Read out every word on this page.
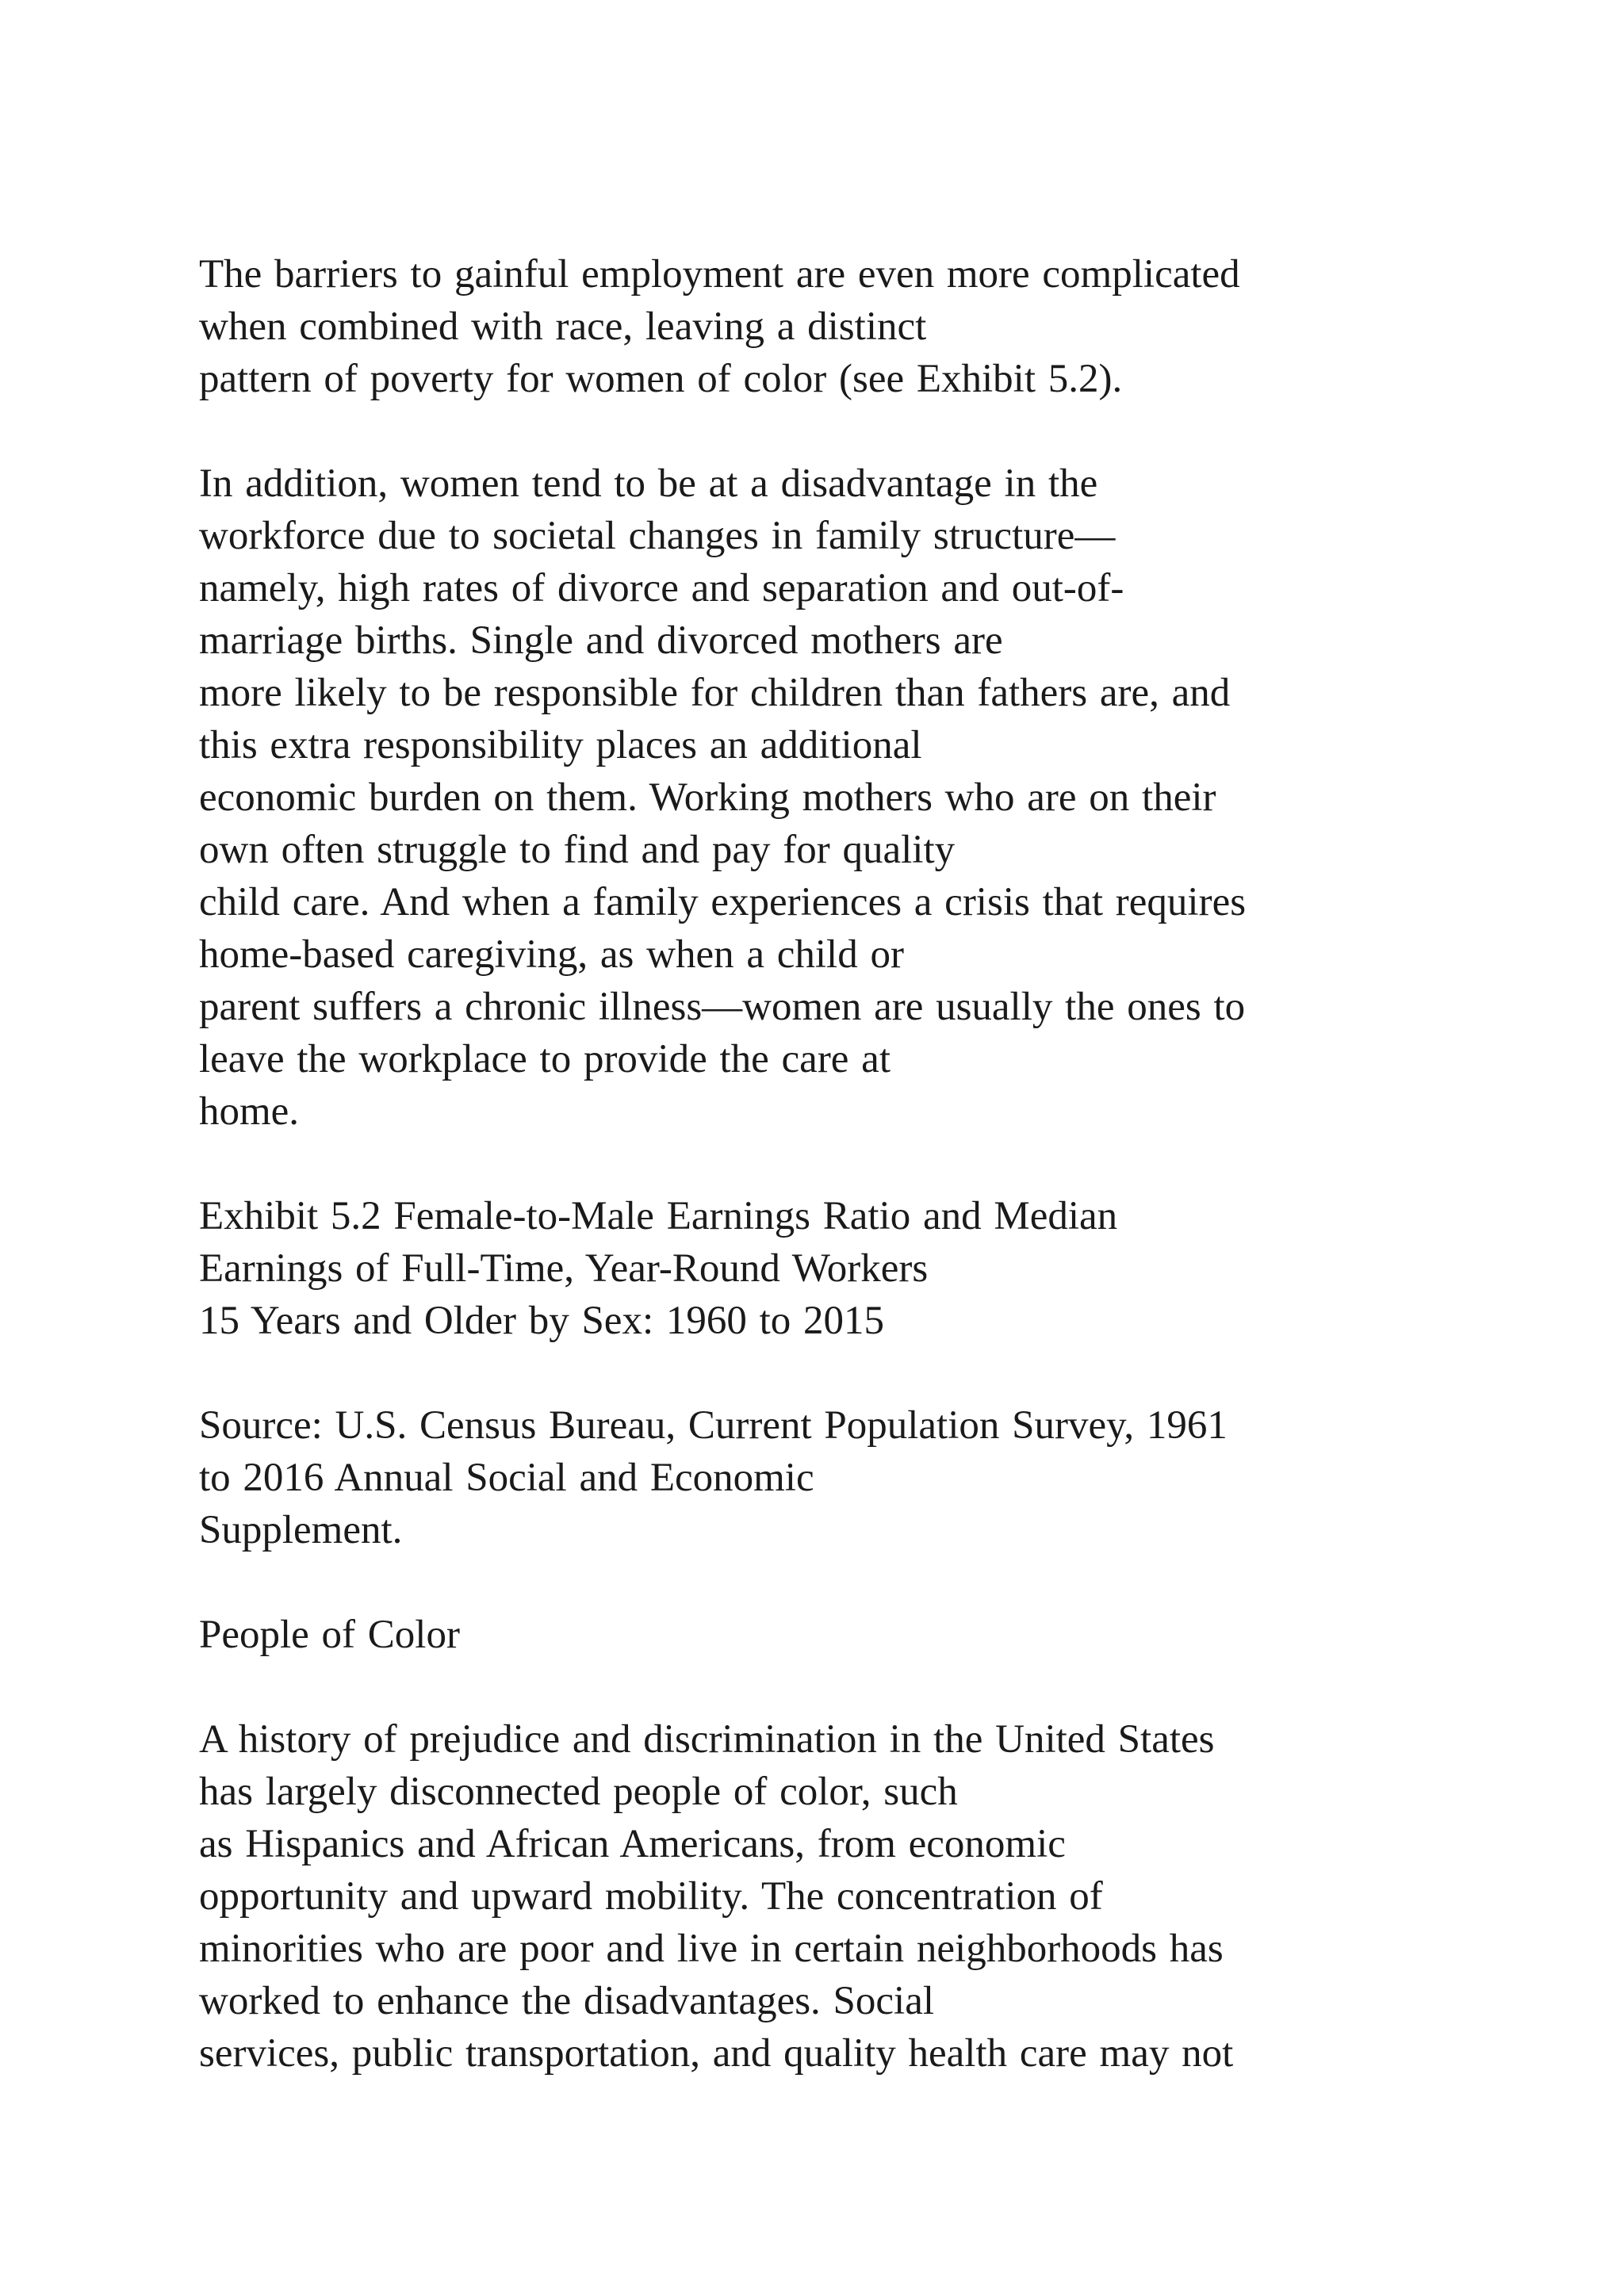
The barriers to gainful employment are even more complicated
when combined with race, leaving a distinct
pattern of poverty for women of color (see Exhibit 5.2).

In addition, women tend to be at a disadvantage in the
workforce due to societal changes in family structure—
namely, high rates of divorce and separation and out-of-
marriage births. Single and divorced mothers are
more likely to be responsible for children than fathers are, and
this extra responsibility places an additional
economic burden on them. Working mothers who are on their
own often struggle to find and pay for quality
child care. And when a family experiences a crisis that requires
home-based caregiving, as when a child or
parent suffers a chronic illness—women are usually the ones to
leave the workplace to provide the care at
home.

Exhibit 5.2 Female-to-Male Earnings Ratio and Median
Earnings of Full-Time, Year-Round Workers
15 Years and Older by Sex: 1960 to 2015

Source: U.S. Census Bureau, Current Population Survey, 1961
to 2016 Annual Social and Economic
Supplement.

People of Color

A history of prejudice and discrimination in the United States
has largely disconnected people of color, such
as Hispanics and African Americans, from economic
opportunity and upward mobility. The concentration of
minorities who are poor and live in certain neighborhoods has
worked to enhance the disadvantages. Social
services, public transportation, and quality health care may not
